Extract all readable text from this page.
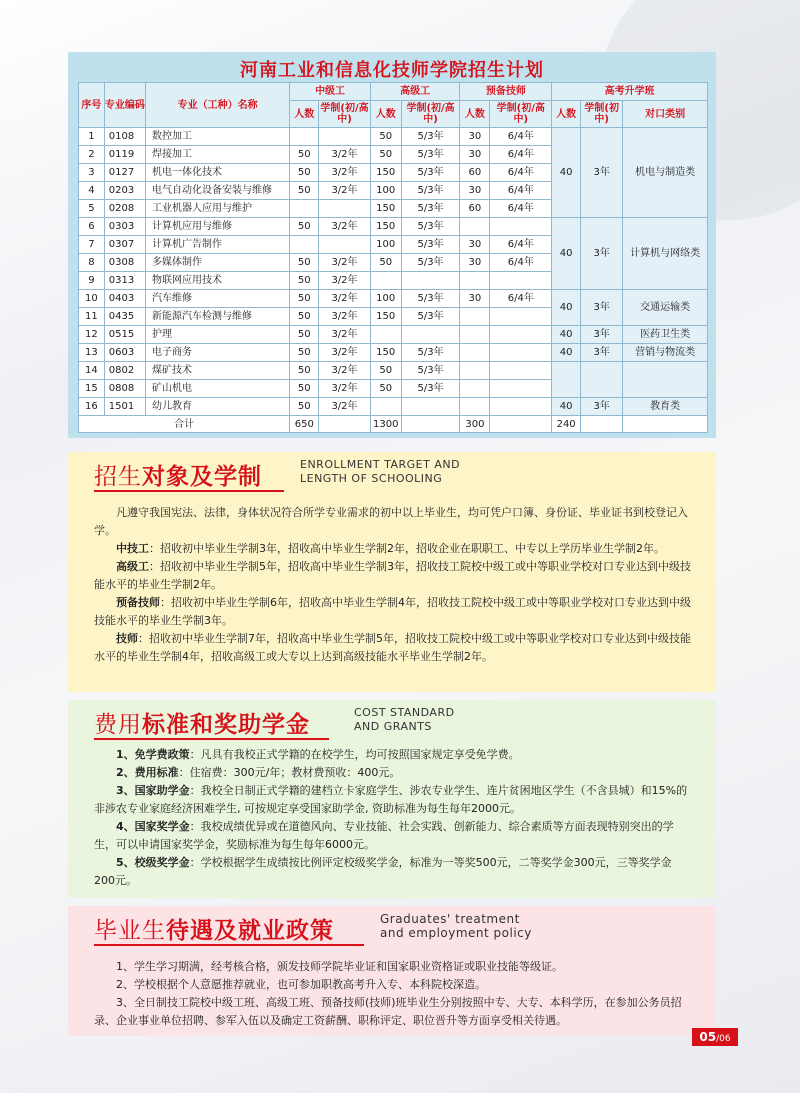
河南工业和信息化技师学院招生计划
序号	专业编码	专业（工种）名称	中级工		高级工		预备技师		高考升学班		
			人数	学制(初/高中)	人数	学制(初/高中)	人数	学制(初/高中)	人数	学制(初中)	对口类别
1	0108	数控加工			50	5/3年	30	6/4年	40	3年	机电与制造类
2	0119	焊接加工	50	3/2年	50	5/3年	30	6/4年			
3	0127	机电一体化技术	50	3/2年	150	5/3年	60	6/4年			
4	0203	电气自动化设备安装与维修	50	3/2年	100	5/3年	30	6/4年			
5	0208	工业机器人应用与维护			150	5/3年	60	6/4年			
6	0303	计算机应用与维修	50	3/2年	150	5/3年			40	3年	计算机与网络类
7	0307	计算机广告制作			100	5/3年	30	6/4年			
8	0308	多媒体制作	50	3/2年	50	5/3年	30	6/4年			
9	0313	物联网应用技术	50	3/2年							
10	0403	汽车维修	50	3/2年	100	5/3年	30	6/4年	40	3年	交通运输类
11	0435	新能源汽车检测与维修	50	3/2年	150	5/3年					
12	0515	护理	50	3/2年					40	3年	医药卫生类
13	0603	电子商务	50	3/2年	150	5/3年			40	3年	营销与物流类
14	0802	煤矿技术	50	3/2年	50	5/3年					
15	0808	矿山机电	50	3/2年	50	5/3年					
16	1501	幼儿教育	50	3/2年					40	3年	教育类
合计			650		1300		300		240		
招生对象及学制	ENROLLMENT TARGET AND
LENGTH OF SCHOOLING

凡遵守我国宪法、法律，身体状况符合所学专业需求的初中以上毕业生，均可凭户口簿、身份证、毕业证书到校登记入学。

中技工：招收初中毕业生学制3年，招收高中毕业生学制2年，招收企业在职职工、中专以上学历毕业生学制2年。

高级工：招收初中毕业生学制5年，招收高中毕业生学制3年，招收技工院校中级工或中等职业学校对口专业达到中级技能水平的毕业生学制2年。

预备技师：招收初中毕业生学制6年，招收高中毕业生学制4年，招收技工院校中级工或中等职业学校对口专业达到中级技能水平的毕业生学制3年。

技师：招收初中毕业生学制7年，招收高中毕业生学制5年，招收技工院校中级工或中等职业学校对口专业达到中级技能水平的毕业生学制4年，招收高级工或大专以上达到高级技能水平毕业生学制2年。

费用标准和奖助学金	COST STANDARD
AND GRANTS

1、免学费政策：凡具有我校正式学籍的在校学生，均可按照国家规定享受免学费。

2、费用标准：住宿费：300元/年；教材费预收：400元。

3、国家助学金：我校全日制正式学籍的建档立卡家庭学生、涉农专业学生、连片贫困地区学生（不含县城）和15%的非涉农专业家庭经济困难学生, 可按规定享受国家助学金, 资助标准为每生每年2000元。

4、国家奖学金：我校成绩优异或在道德风向、专业技能、社会实践、创新能力、综合素质等方面表现特别突出的学生，可以申请国家奖学金，奖励标准为每生每年6000元。

5、校级奖学金：学校根据学生成绩按比例评定校级奖学金，标准为一等奖500元，二等奖学金300元，三等奖学金200元。

毕业生待遇及就业政策	Graduates' treatment
and employment policy

1、学生学习期满，经考核合格，颁发技师学院毕业证和国家职业资格证或职业技能等级证。

2、学校根据个人意愿推荐就业，也可参加职教高考升入专、本科院校深造。

3、全日制技工院校中级工班、高级工班、预备技师(技师)班毕业生分别按照中专、大专、本科学历，在参加公务员招录、企业事业单位招聘、参军入伍以及确定工资薪酬、职称评定、职位晋升等方面享受相关待遇。

05/06
